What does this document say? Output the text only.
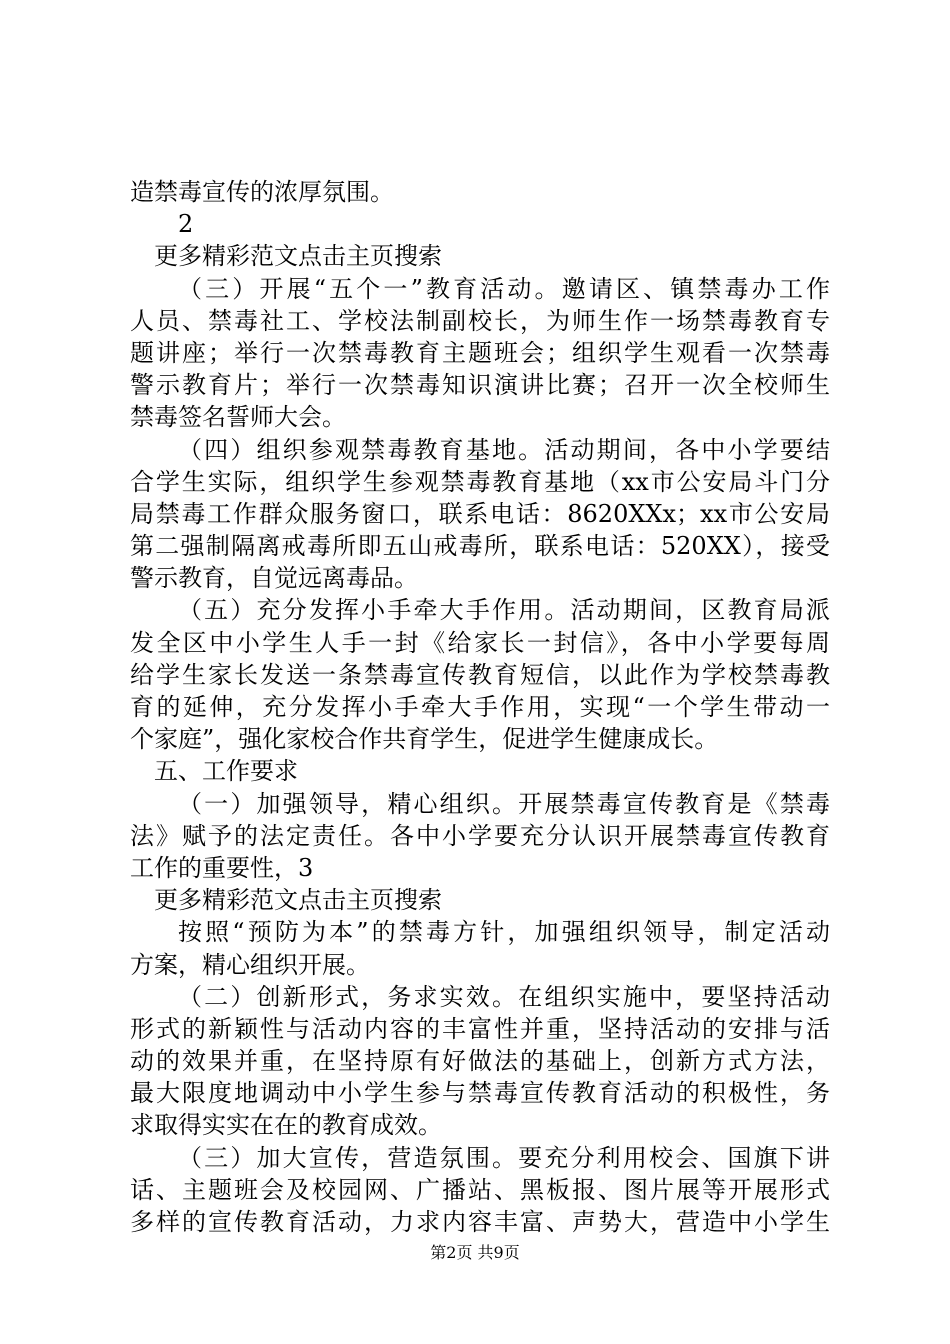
造禁毒宣传的浓厚氛围。
2
更多精彩范文点击主页搜索
（三）开展“五个一”教育活动。邀请区、镇禁毒办工作
人员、禁毒社工、学校法制副校长，为师生作一场禁毒教育专
题讲座；举行一次禁毒教育主题班会；组织学生观看一次禁毒
警示教育片；举行一次禁毒知识演讲比赛；召开一次全校师生
禁毒签名誓师大会。
（四）组织参观禁毒教育基地。活动期间，各中小学要结
合学生实际，组织学生参观禁毒教育基地（xx市公安局斗门分
局禁毒工作群众服务窗口，联系电话：8620XXx；xx市公安局
第二强制隔离戒毒所即五山戒毒所，联系电话：520XX），接受
警示教育，自觉远离毒品。
（五）充分发挥小手牵大手作用。活动期间，区教育局派
发全区中小学生人手一封《给家长一封信》，各中小学要每周
给学生家长发送一条禁毒宣传教育短信，以此作为学校禁毒教
育的延伸，充分发挥小手牵大手作用，实现“一个学生带动一
个家庭”，强化家校合作共育学生，促进学生健康成长。
五、工作要求
（一）加强领导，精心组织。开展禁毒宣传教育是《禁毒
法》赋予的法定责任。各中小学要充分认识开展禁毒宣传教育
工作的重要性，3
更多精彩范文点击主页搜索
按照“预防为本”的禁毒方针，加强组织领导，制定活动
方案，精心组织开展。
（二）创新形式，务求实效。在组织实施中，要坚持活动
形式的新颖性与活动内容的丰富性并重，坚持活动的安排与活
动的效果并重，在坚持原有好做法的基础上，创新方式方法，
最大限度地调动中小学生参与禁毒宣传教育活动的积极性，务
求取得实实在在的教育成效。
（三）加大宣传，营造氛围。要充分利用校会、国旗下讲
话、主题班会及校园网、广播站、黑板报、图片展等开展形式
多样的宣传教育活动，力求内容丰富、声势大，营造中小学生
第2页 共9页
